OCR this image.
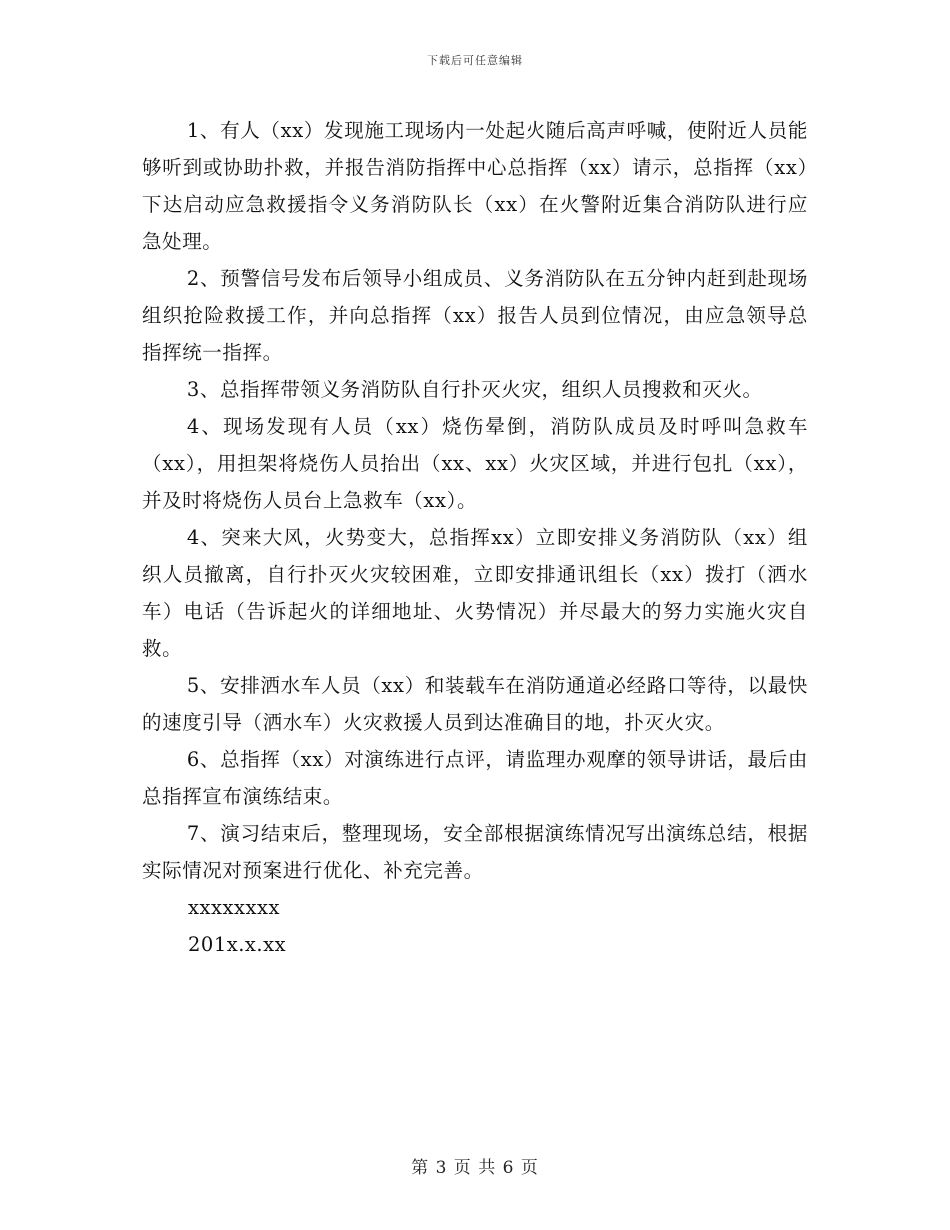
下载后可任意编辑

1、有人（xx）发现施工现场内一处起火随后高声呼喊，使附近人员能够听到或协助扑救，并报告消防指挥中心总指挥（xx）请示，总指挥（xx）下达启动应急救援指令义务消防队长（xx）在火警附近集合消防队进行应急处理。

2、预警信号发布后领导小组成员、义务消防队在五分钟内赶到赴现场组织抢险救援工作，并向总指挥（xx）报告人员到位情况，由应急领导总指挥统一指挥。

3、总指挥带领义务消防队自行扑灭火灾，组织人员搜救和灭火。

4、现场发现有人员（xx）烧伤晕倒，消防队成员及时呼叫急救车（xx），用担架将烧伤人员抬出（xx、xx）火灾区域，并进行包扎（xx），并及时将烧伤人员台上急救车（xx）。

4、突来大风，火势变大，总指挥xx）立即安排义务消防队（xx）组织人员撤离，自行扑灭火灾较困难，立即安排通讯组长（xx）拨打（洒水车）电话（告诉起火的详细地址、火势情况）并尽最大的努力实施火灾自救。

5、安排洒水车人员（xx）和装载车在消防通道必经路口等待，以最快的速度引导（洒水车）火灾救援人员到达准确目的地，扑灭火灾。

6、总指挥（xx）对演练进行点评，请监理办观摩的领导讲话，最后由总指挥宣布演练结束。

7、演习结束后，整理现场，安全部根据演练情况写出演练总结，根据实际情况对预案进行优化、补充完善。

xxxxxxxx

201x.x.xx

第 3 页 共 6 页
